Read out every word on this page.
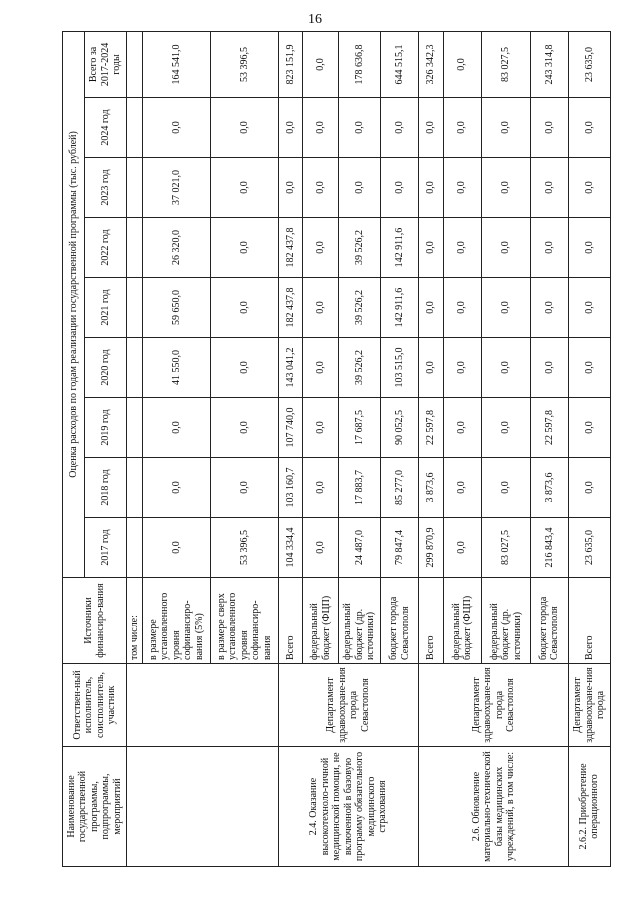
16
Наименование государственной программы, подпрограммы, мероприятий	Ответствен-ный исполнитель, соисполнитель, участник	Источники финансиро-вания	Оценка расходов по годам реализации государственной программы (тыс. рублей)								
			2017 год	2018 год	2019 год	2020 год	2021 год	2022 год	2023 год	2024 год	Всего за 2017-2024 годы
		том числе:									
		в размере установленного уровня софинансиро-вания (5%)	0,0	0,0	0,0	41 550,0	59 650,0	26 320,0	37 021,0	0,0	164 541,0
		в размере сверх установленного уровня софинансиро-вания	53 396,5	0,0	0,0	0,0	0,0	0,0	0,0	0,0	53 396,5
2.4. Оказание высокотехноло-гичной медицинской помощи, не включенной в базовую программу обязательного медицинского страхования	Департамент здравоохране-ния города Севастополя	Всего	104 334,4	103 160,7	107 740,0	143 041,2	182 437,8	182 437,8	0,0	0,0	823 151,9
		федеральный бюджет (ФЦП)	0,0	0,0	0,0	0,0	0,0	0,0	0,0	0,0	0,0
		федеральный бюджет (др. источники)	24 487,0	17 883,7	17 687,5	39 526,2	39 526,2	39 526,2	0,0	0,0	178 636,8
		бюджет города Севастополя	79 847,4	85 277,0	90 052,5	103 515,0	142 911,6	142 911,6	0,0	0,0	644 515,1
2.6. Обновление материально-технической базы медицинских учреждений, в том числе:	Департамент здравоохране-ния города Севастополя	Всего	299 870,9	3 873,6	22 597,8	0,0	0,0	0,0	0,0	0,0	326 342,3
		федеральный бюджет (ФЦП)	0,0	0,0	0,0	0,0	0,0	0,0	0,0	0,0	0,0
		федеральный бюджет (др. источники)	83 027,5	0,0	0,0	0,0	0,0	0,0	0,0	0,0	83 027,5
		бюджет города Севастополя	216 843,4	3 873,6	22 597,8	0,0	0,0	0,0	0,0	0,0	243 314,8
2.6.2. Приобретение операционного	Департамент здравоохране-ния города	Всего	23 635,0	0,0	0,0	0,0	0,0	0,0	0,0	0,0	23 635,0
